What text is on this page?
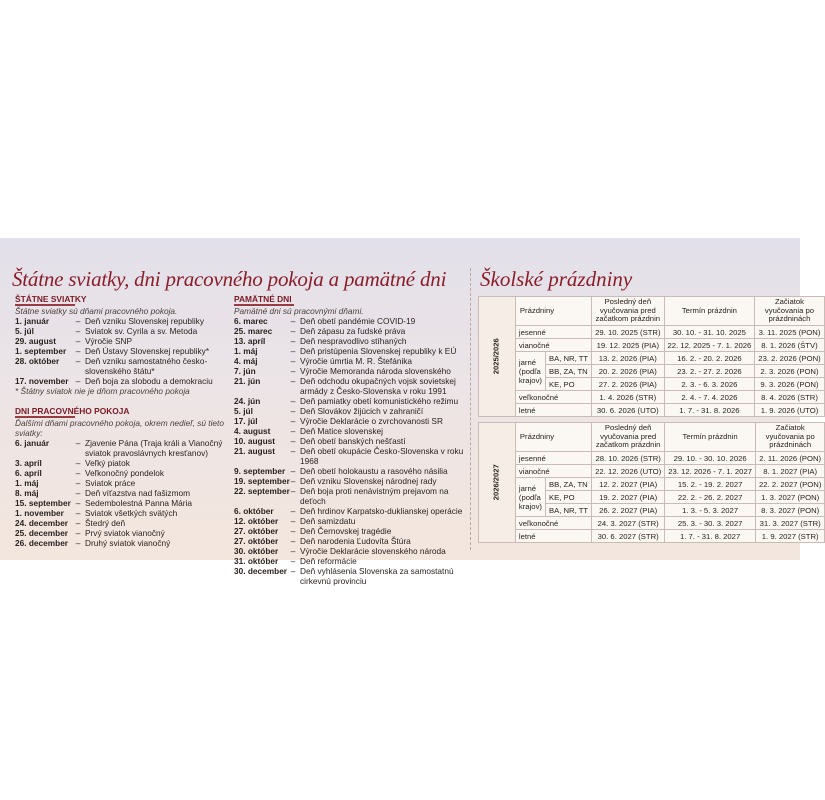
Štátne sviatky, dni pracovného pokoja a pamätné dni Školské prázdniny
ŠTÁTNE SVIATKY
Štátne sviatky sú dňami pracovného pokoja.
1. január	– Deň vzniku Slovenskej republiky
5. júl	– Sviatok sv. Cyrila a sv. Metoda
29. august	– Výročie SNP
1. september	– Deň Ústavy Slovenskej republiky*
28. október	– Deň vzniku samostatného česko-slovenského štátu*
17. november – Deň boja za slobodu a demokraciu
* Štátny sviatok nie je dňom pracovného pokoja
DNI PRACOVNÉHO POKOJA
Ďalšími dňami pracovného pokoja, okrem nedieľ, sú tieto sviatky:
6. január	– Zjavenie Pána (Traja králi a Vianočný sviatok pravoslávnych kresťanov)
3. apríl	– Veľký piatok
6. apríl	– Veľkonočný pondelok
1. máj	– Sviatok práce
8. máj	– Deň víťazstva nad fašizmom
15. september – Sedembolestná Panna Mária
1. november	– Sviatok všetkých svätých
24. december – Štedrý deň
25. december – Prvý sviatok vianočný
26. december – Druhý sviatok vianočný
PAMÄTNÉ DNI
Pamätné dni sú pracovnými dňami.
6. marec	– Deň obetí pandémie COVID-19
25. marec	– Deň zápasu za ľudské práva
13. apríl	– Deň nespravodlivo stíhaných
1. máj	– Deň pristúpenia Slovenskej republiky k EÚ
4. máj	– Výročie úmrtia M. R. Štefánika
7. jún	– Výročie Memoranda národa slovenského
21. jún	– Deň odchodu okupačných vojsk sovietskej armády z Česko-Slovenska v roku 1991
24. jún	– Deň pamiatky obetí komunistického režimu
5. júl	– Deň Slovákov žijúcich v zahraničí
17. júl	– Výročie Deklarácie o zvrchovanosti SR
4. august	– Deň Matice slovenskej
10. august	– Deň obetí banských nešťastí
21. august	– Deň obetí okupácie Česko-Slovenska v roku 1968
9. september – Deň obetí holokaustu a rasového násilia
19. september – Deň vzniku Slovenskej národnej rady
22. september – Deň boja proti nenávistným prejavom na deťoch
6. október	– Deň hrdinov Karpatsko-duklianskej operácie
12. október	– Deň samizdatu
27. október	– Deň Černovskej tragédie
27. október	– Deň narodenia Ľudovíta Štúra
30. október	– Výročie Deklarácie slovenského národa
31. október	– Deň reformácie
30. december – Deň vyhlásenia Slovenska za samostatnú cirkevnú provinciu
2025/2026	Prázdniny		Posledný deň vyučovania pred začatkom prázdnin	Termín prázdnin	Začiatok vyučovania po prázdninách
	jesenné		29. 10. 2025 (STR)	30. 10. - 31. 10. 2025	3. 11. 2025 (PON)
	vianočné		19. 12. 2025 (PIA)	22. 12. 2025 - 7. 1. 2026	8. 1. 2026 (ŠTV)
	jarné (podľa krajov)	BA, NR, TT	13. 2. 2026 (PIA)	16. 2. - 20. 2. 2026	23. 2. 2026 (PON)
		BB, ZA, TN	20. 2. 2026 (PIA)	23. 2. - 27. 2. 2026	2. 3. 2026 (PON)
		KE, PO	27. 2. 2026 (PIA)	2. 3. - 6. 3. 2026	9. 3. 2026 (PON)
	veľkonočné		1. 4. 2026 (STR)	2. 4. - 7. 4. 2026	8. 4. 2026 (STR)
	letné		30. 6. 2026 (UTO)	1. 7. - 31. 8. 2026	1. 9. 2026 (UTO)
2026/2027	Prázdniny		Posledný deň vyučovania pred začatkom prázdnin	Termín prázdnin	Začiatok vyučovania po prázdninách
	jesenné		28. 10. 2026 (STR)	29. 10. - 30. 10. 2026	2. 11. 2026 (PON)
	vianočné		22. 12. 2026 (UTO)	23. 12. 2026 - 7. 1. 2027	8. 1. 2027 (PIA)
	jarné (podľa krajov)	BB, ZA, TN	12. 2. 2027 (PIA)	15. 2. - 19. 2. 2027	22. 2. 2027 (PON)
		KE, PO	19. 2. 2027 (PIA)	22. 2. - 26. 2. 2027	1. 3. 2027 (PON)
		BA, NR, TT	26. 2. 2027 (PIA)	1. 3. - 5. 3. 2027	8. 3. 2027 (PON)
	veľkonočné		24. 3. 2027 (STR)	25. 3. - 30. 3. 2027	31. 3. 2027 (STR)
	letné		30. 6. 2027 (STR)	1. 7. - 31. 8. 2027	1. 9. 2027 (STR)
